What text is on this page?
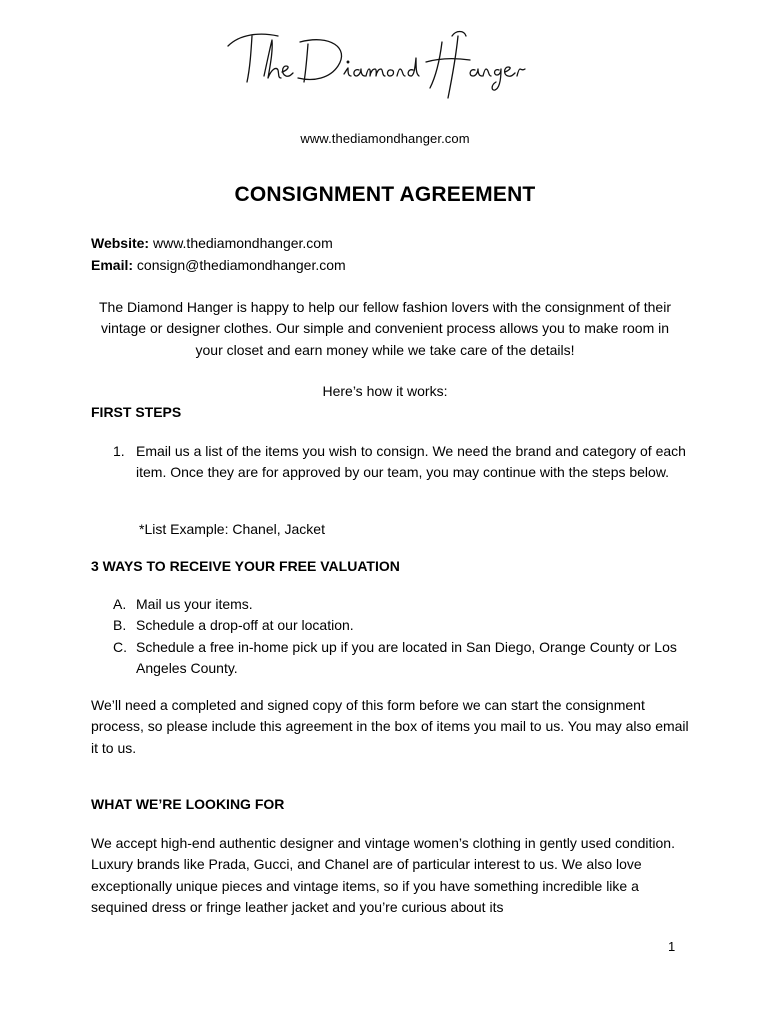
www.thediamondhanger.com
CONSIGNMENT AGREEMENT
Website: www.thediamondhanger.com
Email: consign@thediamondhanger.com

The Diamond Hanger is happy to help our fellow fashion lovers with the consignment of their vintage or designer clothes. Our simple and convenient process allows you to make room in your closet and earn money while we take care of the details!

Here’s how it works:
FIRST STEPS
1. Email us a list of the items you wish to consign. We need the brand and category of each item. Once they are for approved by our team, you may continue with the steps below.
*List Example: Chanel, Jacket
3 WAYS TO RECEIVE YOUR FREE VALUATION
A. Mail us your items.
B. Schedule a drop-off at our location.
C. Schedule a free in-home pick up if you are located in San Diego, Orange County or Los Angeles County.

We’ll need a completed and signed copy of this form before we can start the consignment process, so please include this agreement in the box of items you mail to us. You may also email it to us.

WHAT WE’RE LOOKING FOR

We accept high-end authentic designer and vintage women’s clothing in gently used condition. Luxury brands like Prada, Gucci, and Chanel are of particular interest to us. We also love exceptionally unique pieces and vintage items, so if you have something incredible like a sequined dress or fringe leather jacket and you’re curious about its

1
